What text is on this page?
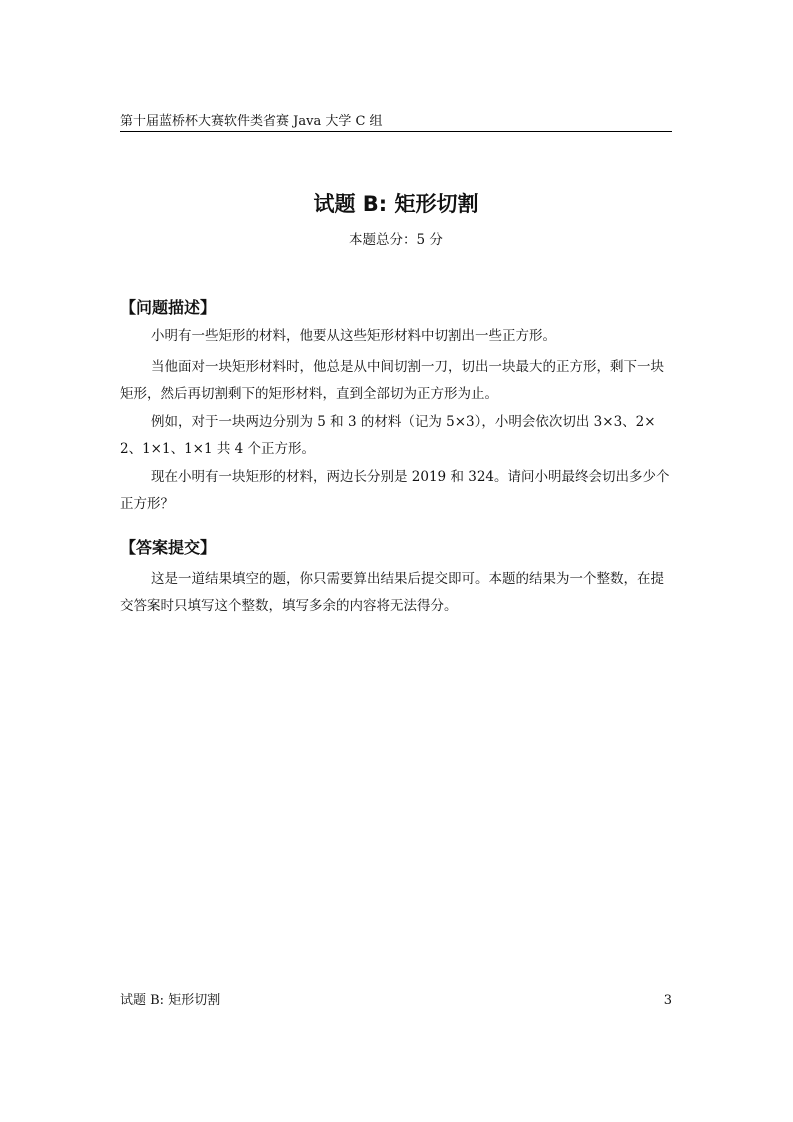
第十届蓝桥杯大赛软件类省赛 Java 大学 C 组
试题 B: 矩形切割
本题总分：5 分
【问题描述】

小明有一些矩形的材料，他要从这些矩形材料中切割出一些正方形。

当他面对一块矩形材料时，他总是从中间切割一刀，切出一块最大的正方形，剩下一块矩形，然后再切割剩下的矩形材料，直到全部切为正方形为止。

例如，对于一块两边分别为 5 和 3 的材料（记为 5×3），小明会依次切出 3×3、2×2、1×1、1×1 共 4 个正方形。

现在小明有一块矩形的材料，两边长分别是 2019 和 324。请问小明最终会切出多少个正方形？

【答案提交】

这是一道结果填空的题，你只需要算出结果后提交即可。本题的结果为一个整数，在提交答案时只填写这个整数，填写多余的内容将无法得分。

试题 B: 矩形切割	3
